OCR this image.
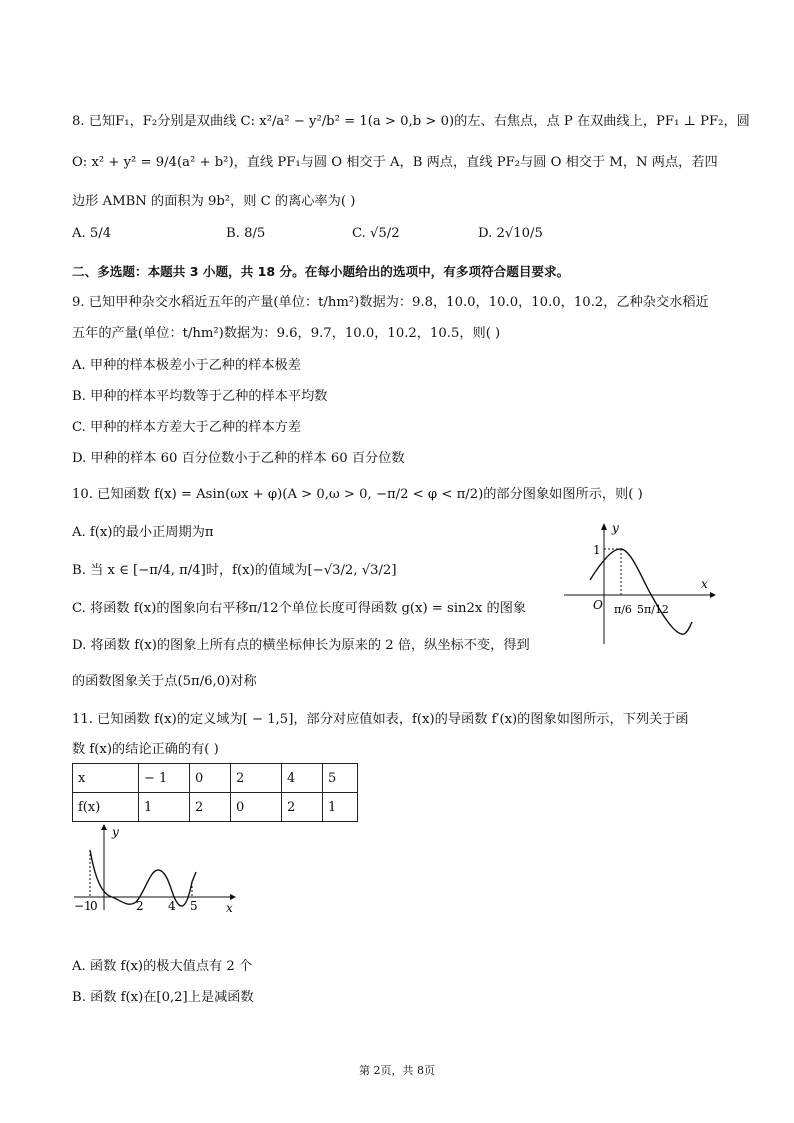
8. 已知F₁，F₂分别是双曲线 C: x²/a² − y²/b² = 1(a > 0,b > 0)的左、右焦点，点 P 在双曲线上，PF₁ ⊥ PF₂，圆
O: x² + y² = 9/4(a² + b²)，直线 PF₁与圆 O 相交于 A，B 两点，直线 PF₂与圆 O 相交于 M，N 两点，若四
边形 AMBN 的面积为 9b²，则 C 的离心率为( )
A. 5/4	B. 8/5	C. √5/2	D. 2√10/5
二、多选题：本题共 3 小题，共 18 分。在每小题给出的选项中，有多项符合题目要求。
9. 已知甲种杂交水稻近五年的产量(单位：t/hm²)数据为：9.8，10.0，10.0，10.0，10.2，乙种杂交水稻近
五年的产量(单位：t/hm²)数据为：9.6，9.7，10.0，10.2，10.5，则( )
A. 甲种的样本极差小于乙种的样本极差
B. 甲种的样本平均数等于乙种的样本平均数
C. 甲种的样本方差大于乙种的样本方差
D. 甲种的样本 60 百分位数小于乙种的样本 60 百分位数
10. 已知函数 f(x) = Asin(ωx + φ)(A > 0,ω > 0, −π/2 < φ < π/2)的部分图象如图所示，则( )
A. f(x)的最小正周期为π
B. 当 x ∈ [−π/4, π/4]时，f(x)的值域为[−√3/2, √3/2]
C. 将函数 f(x)的图象向右平移π/12个单位长度可得函数 g(x) = sin2x 的图象
D. 将函数 f(x)的图象上所有点的横坐标伸长为原来的 2 倍，纵坐标不变，得到
的函数图象关于点(5π/6,0)对称
y
x
O
1
π/6 5π/12
11. 已知函数 f(x)的定义域为[ − 1,5]，部分对应值如表，f(x)的导函数 f′(x)的图象如图所示，下列关于函
数 f(x)的结论正确的有( )
x	− 1	0	2	4	5
f(x)	1	2	0	2	1
y
x
−1
0	2 4 5
A. 函数 f(x)的极大值点有 2 个
B. 函数 f(x)在[0,2]上是减函数
第 2页，共 8页
